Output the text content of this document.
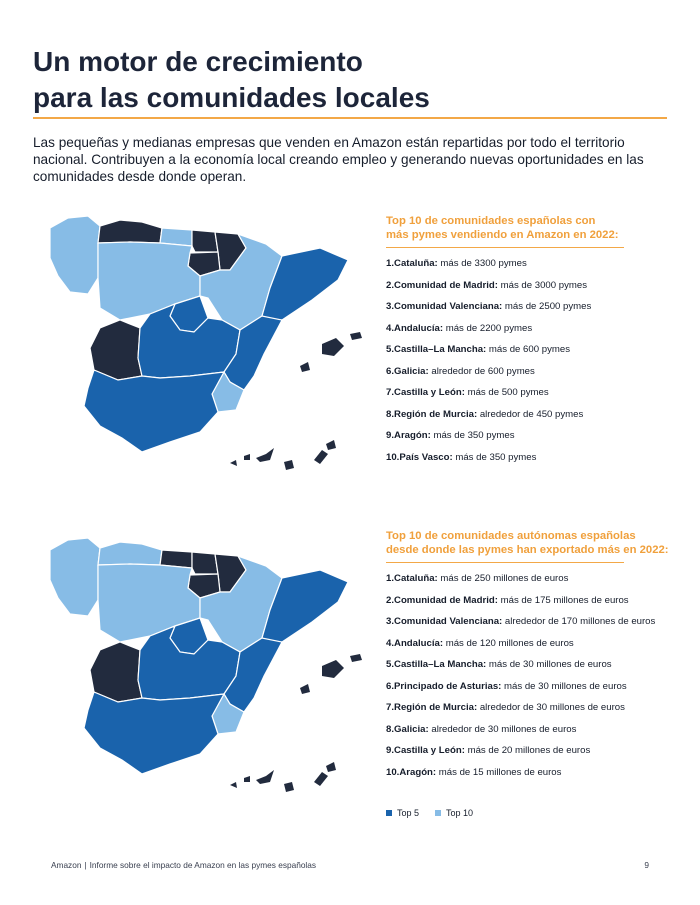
Un motor de crecimiento
para las comunidades locales

Las pequeñas y medianas empresas que venden en Amazon están repartidas por todo el territorio nacional. Contribuyen a la economía local creando empleo y generando nuevas oportunidades en las comunidades desde donde operan.

Top 10 de comunidades españolas con
más pymes vendiendo en Amazon en 2022:
1.Cataluña: más de 3300 pymes
2.Comunidad de Madrid: más de 3000 pymes
3.Comunidad Valenciana: más de 2500 pymes
4.Andalucía: más de 2200 pymes
5.Castilla–La Mancha: más de 600 pymes
6.Galicia: alrededor de 600 pymes
7.Castilla y León: más de 500 pymes
8.Región de Murcia: alrededor de 450 pymes
9.Aragón: más de 350 pymes
10.País Vasco: más de 350 pymes
Top 10 de comunidades autónomas españolas
desde donde las pymes han exportado más en 2022:
1.Cataluña: más de 250 millones de euros
2.Comunidad de Madrid: más de 175 millones de euros
3.Comunidad Valenciana: alrededor de 170 millones de euros
4.Andalucía: más de 120 millones de euros
5.Castilla–La Mancha: más de 30 millones de euros
6.Principado de Asturias: más de 30 millones de euros
7.Región de Murcia: alrededor de 30 millones de euros
8.Galicia: alrededor de 30 millones de euros
9.Castilla y León: más de 20 millones de euros
10.Aragón: más de 15 millones de euros
Top 5	Top 10
Amazon | Informe sobre el impacto de Amazon en las pymes españolas	9
